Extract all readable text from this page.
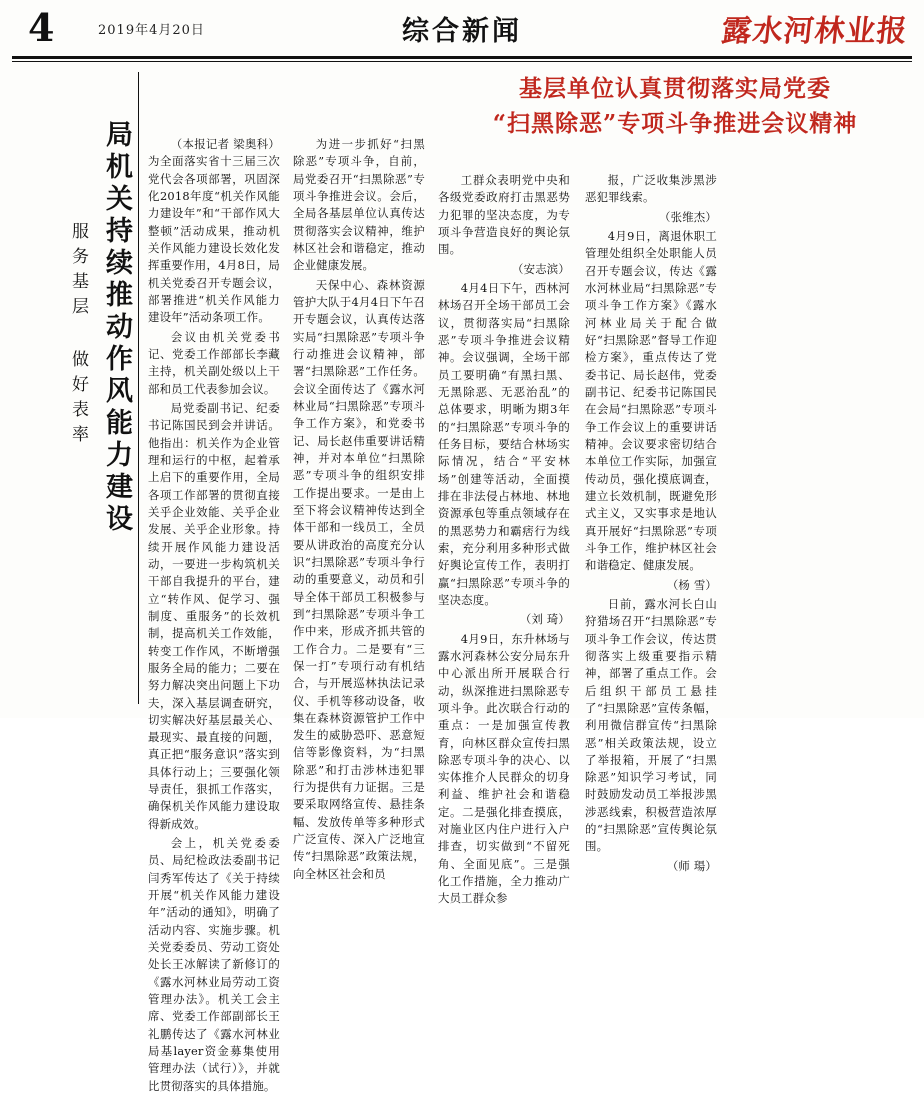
4	2019年4月20日	综合新闻	露水河林业报
局机关持续推动作风能力建设
服务基层 做好表率
基层单位认真贯彻落实局党委
“扫黑除恶”专项斗争推进会议精神

（本报记者 梁奥科）为全面落实省十三届三次党代会各项部署，巩固深化2018年度“机关作风能力建设年”和“干部作风大整顿”活动成果，推动机关作风能力建设长效化发挥重要作用，4月8日，局机关党委召开专题会议，部署推进“机关作风能力建设年”活动条项工作。

会议由机关党委书记、党委工作部部长李藏主持，机关副处级以上干部和员工代表参加会议。

局党委副书记、纪委书记陈国民到会并讲话。他指出：机关作为企业管理和运行的中枢，起着承上启下的重要作用，全局各项工作部署的贯彻直接关乎企业效能、关乎企业发展、关乎企业形象。持续开展作风能力建设活动，一要进一步构筑机关干部自我提升的平台，建立“转作风、促学习、强制度、重服务”的长效机制，提高机关工作效能，转变工作作风，不断增强服务全局的能力；二要在努力解决突出问题上下功夫，深入基层调查研究，切实解决好基层最关心、最现实、最直接的问题，真正把“服务意识”落实到具体行动上；三要强化领导责任，狠抓工作落实，确保机关作风能力建设取得新成效。

会上，机关党委委员、局纪检政法委副书记闫秀军传达了《关于持续开展“机关作风能力建设年”活动的通知》，明确了活动内容、实施步骤。机关党委委员、劳动工资处处长王冰解读了新修订的《露水河林业局劳动工资管理办法》。机关工会主席、党委工作部副部长王礼鹏传达了《露水河林业局基layer资金募集使用管理办法（试行）》，并就比贯彻落实的具体措施。

为进一步抓好“扫黑除恶”专项斗争，自前，局党委召开“扫黑除恶”专项斗争推进会议。会后，全局各基层单位认真传达贯彻落实会议精神，维护林区社会和谐稳定，推动企业健康发展。

天保中心、森林资源管护大队于4月4日下午召开专题会议，认真传达落实局“扫黑除恶”专项斗争行动推进会议精神，部署“扫黑除恶”工作任务。会议全面传达了《露水河林业局“扫黑除恶”专项斗争工作方案》，和党委书记、局长赵伟重要讲话精神，并对本单位“扫黑除恶”专项斗争的组织安排工作提出要求。一是由上至下将会议精神传达到全体干部和一线员工，全员要从讲政治的高度充分认识“扫黑除恶”专项斗争行动的重要意义，动员和引导全体干部员工积极参与到“扫黑除恶”专项斗争工作中来，形成齐抓共管的工作合力。二是要有“三保一打”专项行动有机结合，与开展巡林执法记录仪、手机等移动设备，收集在森林资源管护工作中发生的威胁恐吓、恶意短信等影像资料，为“扫黑除恶”和打击涉林违犯罪行为提供有力证据。三是要采取网络宣传、悬挂条幅、发放传单等多种形式广泛宣传、深入广泛地宣传“扫黑除恶”政策法规，向全林区社会和员

工群众表明党中央和各级党委政府打击黑恶势力犯罪的坚决态度，为专项斗争营造良好的舆论氛围。

（安志滨）

4月4日下午，西林河林场召开全场干部员工会议，贯彻落实局“扫黑除恶”专项斗争推进会议精神。会议强调，全场干部员工要明确“有黑扫黑、无黑除恶、无恶治乱”的总体要求，明晰为期3年的“扫黑除恶”专项斗争的任务目标，要结合林场实际情况，结合“平安林场”创建等活动，全面摸排在非法侵占林地、林地资源承包等重点领域存在的黑恶势力和霸痞行为线索，充分利用多种形式做好舆论宣传工作，表明打赢“扫黑除恶”专项斗争的坚决态度。

（刘 琦）

4月9日，东升林场与露水河森林公安分局东升中心派出所开展联合行动，纵深推进扫黑除恶专项斗争。此次联合行动的重点：一是加强宣传教育，向林区群众宣传扫黑除恶专项斗争的决心、以实体推介人民群众的切身利益、维护社会和谐稳定。二是强化排查摸底，对施业区内住户进行入户排查，切实做到“不留死角、全面见底”。三是强化工作措施，全力推动广大员工群众参

报，广泛收集涉黑涉恶犯罪线索。

（张维杰）

4月9日，离退休职工管理处组织全处职能人员召开专题会议，传达《露水河林业局“扫黑除恶”专项斗争工作方案》《露水河林业局关于配合做好“扫黑除恶”督导工作迎检方案》，重点传达了党委书记、局长赵伟，党委副书记、纪委书记陈国民在会局“扫黑除恶”专项斗争工作会议上的重要讲话精神。会议要求密切结合本单位工作实际，加强宣传动员，强化摸底调查，建立长效机制，既避免形式主义，又实事求是地认真开展好“扫黑除恶”专项斗争工作，维护林区社会和谐稳定、健康发展。

（杨 雪）

日前，露水河长白山狩猎场召开“扫黑除恶”专项斗争工作会议，传达贯彻落实上级重要指示精神，部署了重点工作。会后组织干部员工悬挂了“扫黑除恶”宣传条幅，利用微信群宣传“扫黑除恶”相关政策法规，设立了举报箱，开展了“扫黑除恶”知识学习考试，同时鼓励发动员工举报涉黑涉恶线索，积极营造浓厚的“扫黑除恶”宣传舆论氛围。

（师 瑒）
